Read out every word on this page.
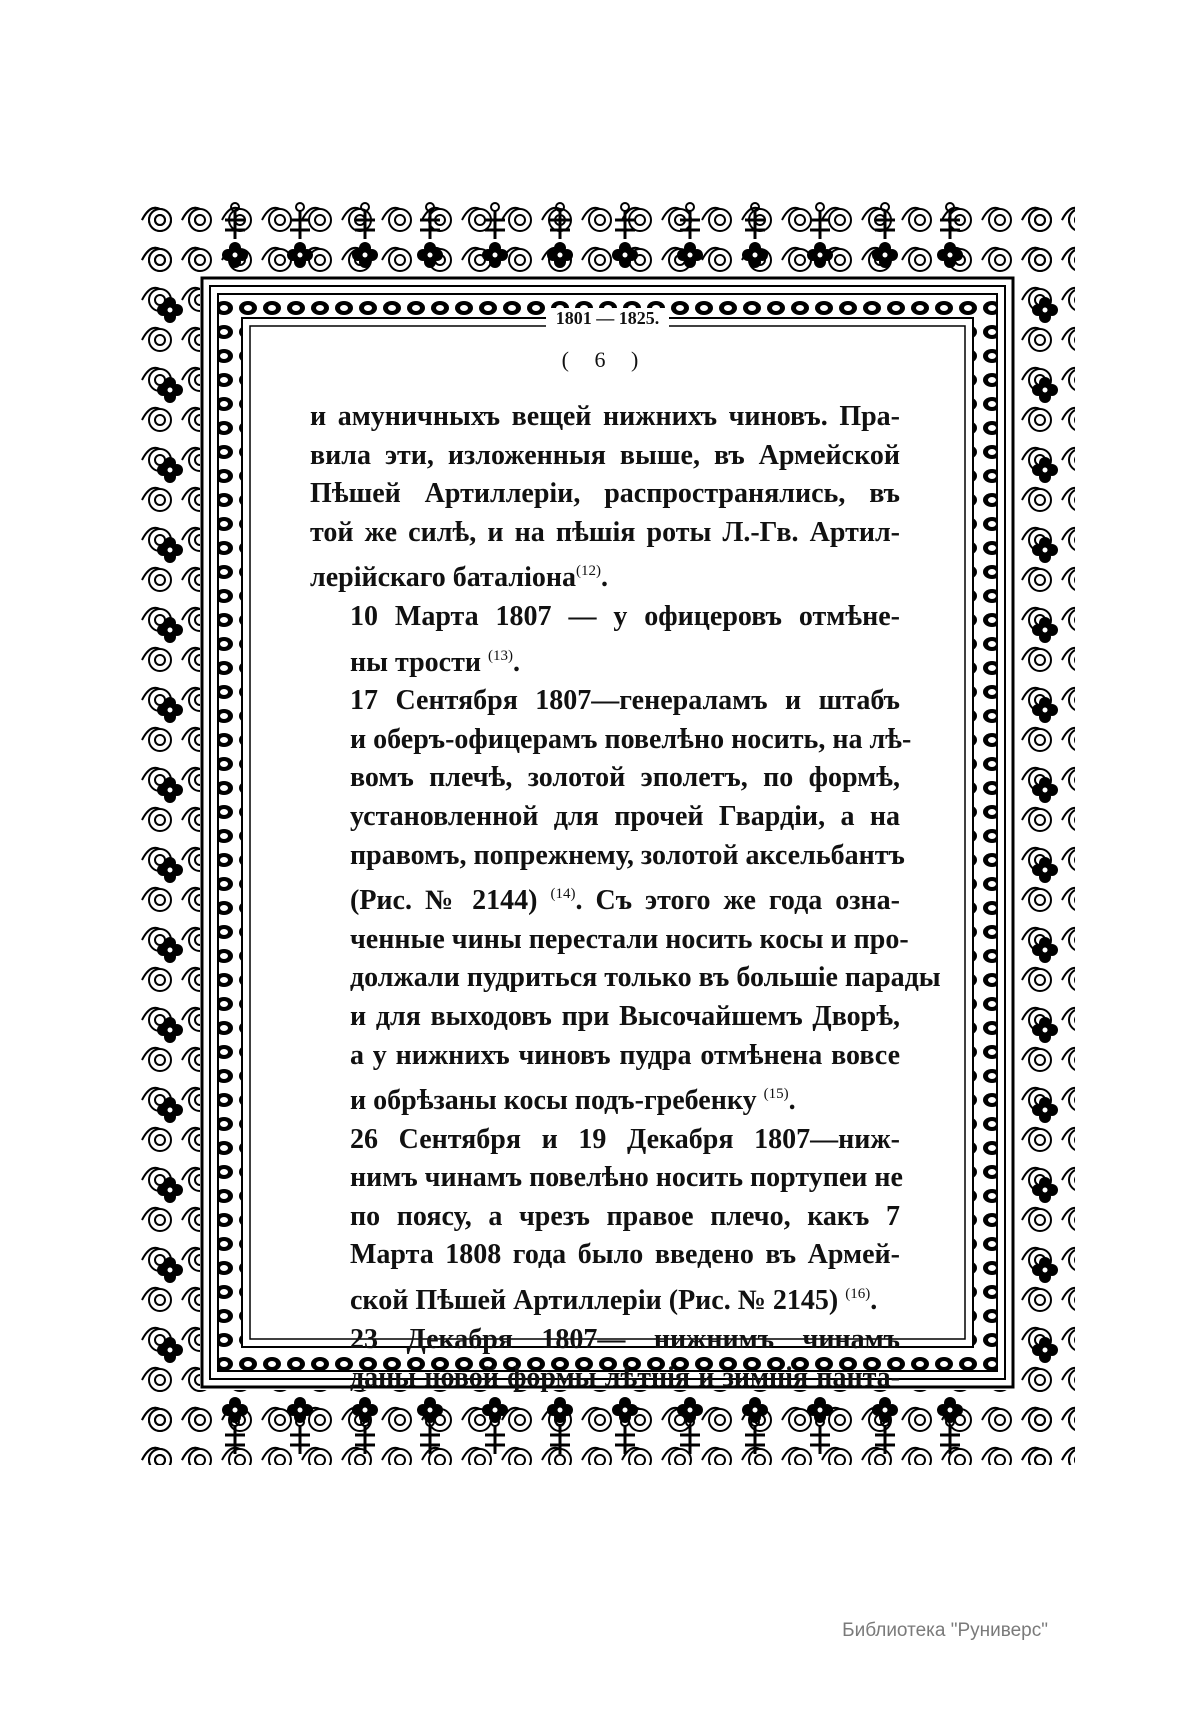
1801 — 1825.
( 6 )

и амуничныхъ вещей нижнихъ чиновъ. Пра-
вила эти, изложенныя выше, въ Армейской
Пѣшей Артиллеріи, распространялись, въ
той же силѣ, и на пѣшія роты Л.-Гв. Артил-
лерійскаго баталіона$^{(12)}$.

10 Марта 1807 — у офицеровъ отмѣне-
ны трости $^{(13)}$.

17 Сентября 1807—генераламъ и штабъ
и оберъ-офицерамъ повелѣно носить, на лѣ-
вомъ плечѣ, золотой эполетъ, по формѣ,
установленной для прочей Гвардіи, а на
правомъ, попрежнему, золотой аксельбантъ
(Рис. № 2144) $^{(14)}$. Съ этого же года озна-
ченные чины перестали носить косы и про-
должали пудриться только въ большіе парады
и для выходовъ при Высочайшемъ Дворѣ,
а у нижнихъ чиновъ пудра отмѣнена вовсе
и обрѣзаны косы подъ-гребенку $^{(15)}$.

26 Сентября и 19 Декабря 1807—ниж-
нимъ чинамъ повелѣно носить портупеи не
по поясу, а чрезъ правое плечо, какъ 7
Марта 1808 года было введено въ Армей-
ской Пѣшей Артиллеріи (Рис. № 2145) $^{(16)}$.

23 Декабря 1807— нижнимъ чинамъ
даны новой формы лѣтнія и зимнія панта-

Библиотека "Руниверс"
